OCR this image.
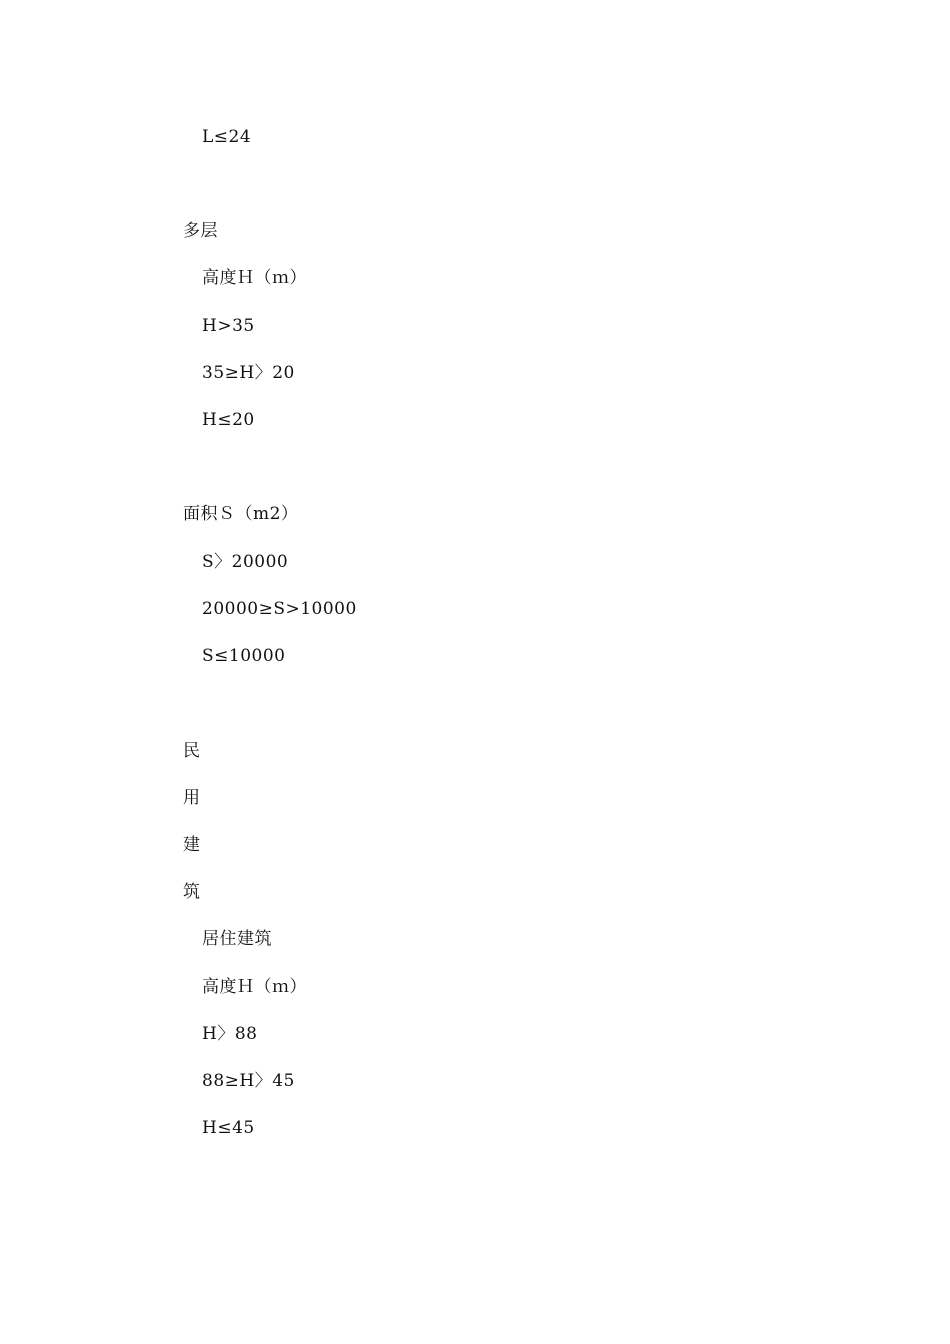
L≤24
多层
高度Ｈ（ｍ）
H>35
35≥H〉20
H≤20
面积Ｓ（m2）
S〉20000
20000≥S>10000
S≤10000
民
用
建
筑
居住建筑
高度Ｈ（ｍ）
H〉88
88≥H〉45
H≤45
